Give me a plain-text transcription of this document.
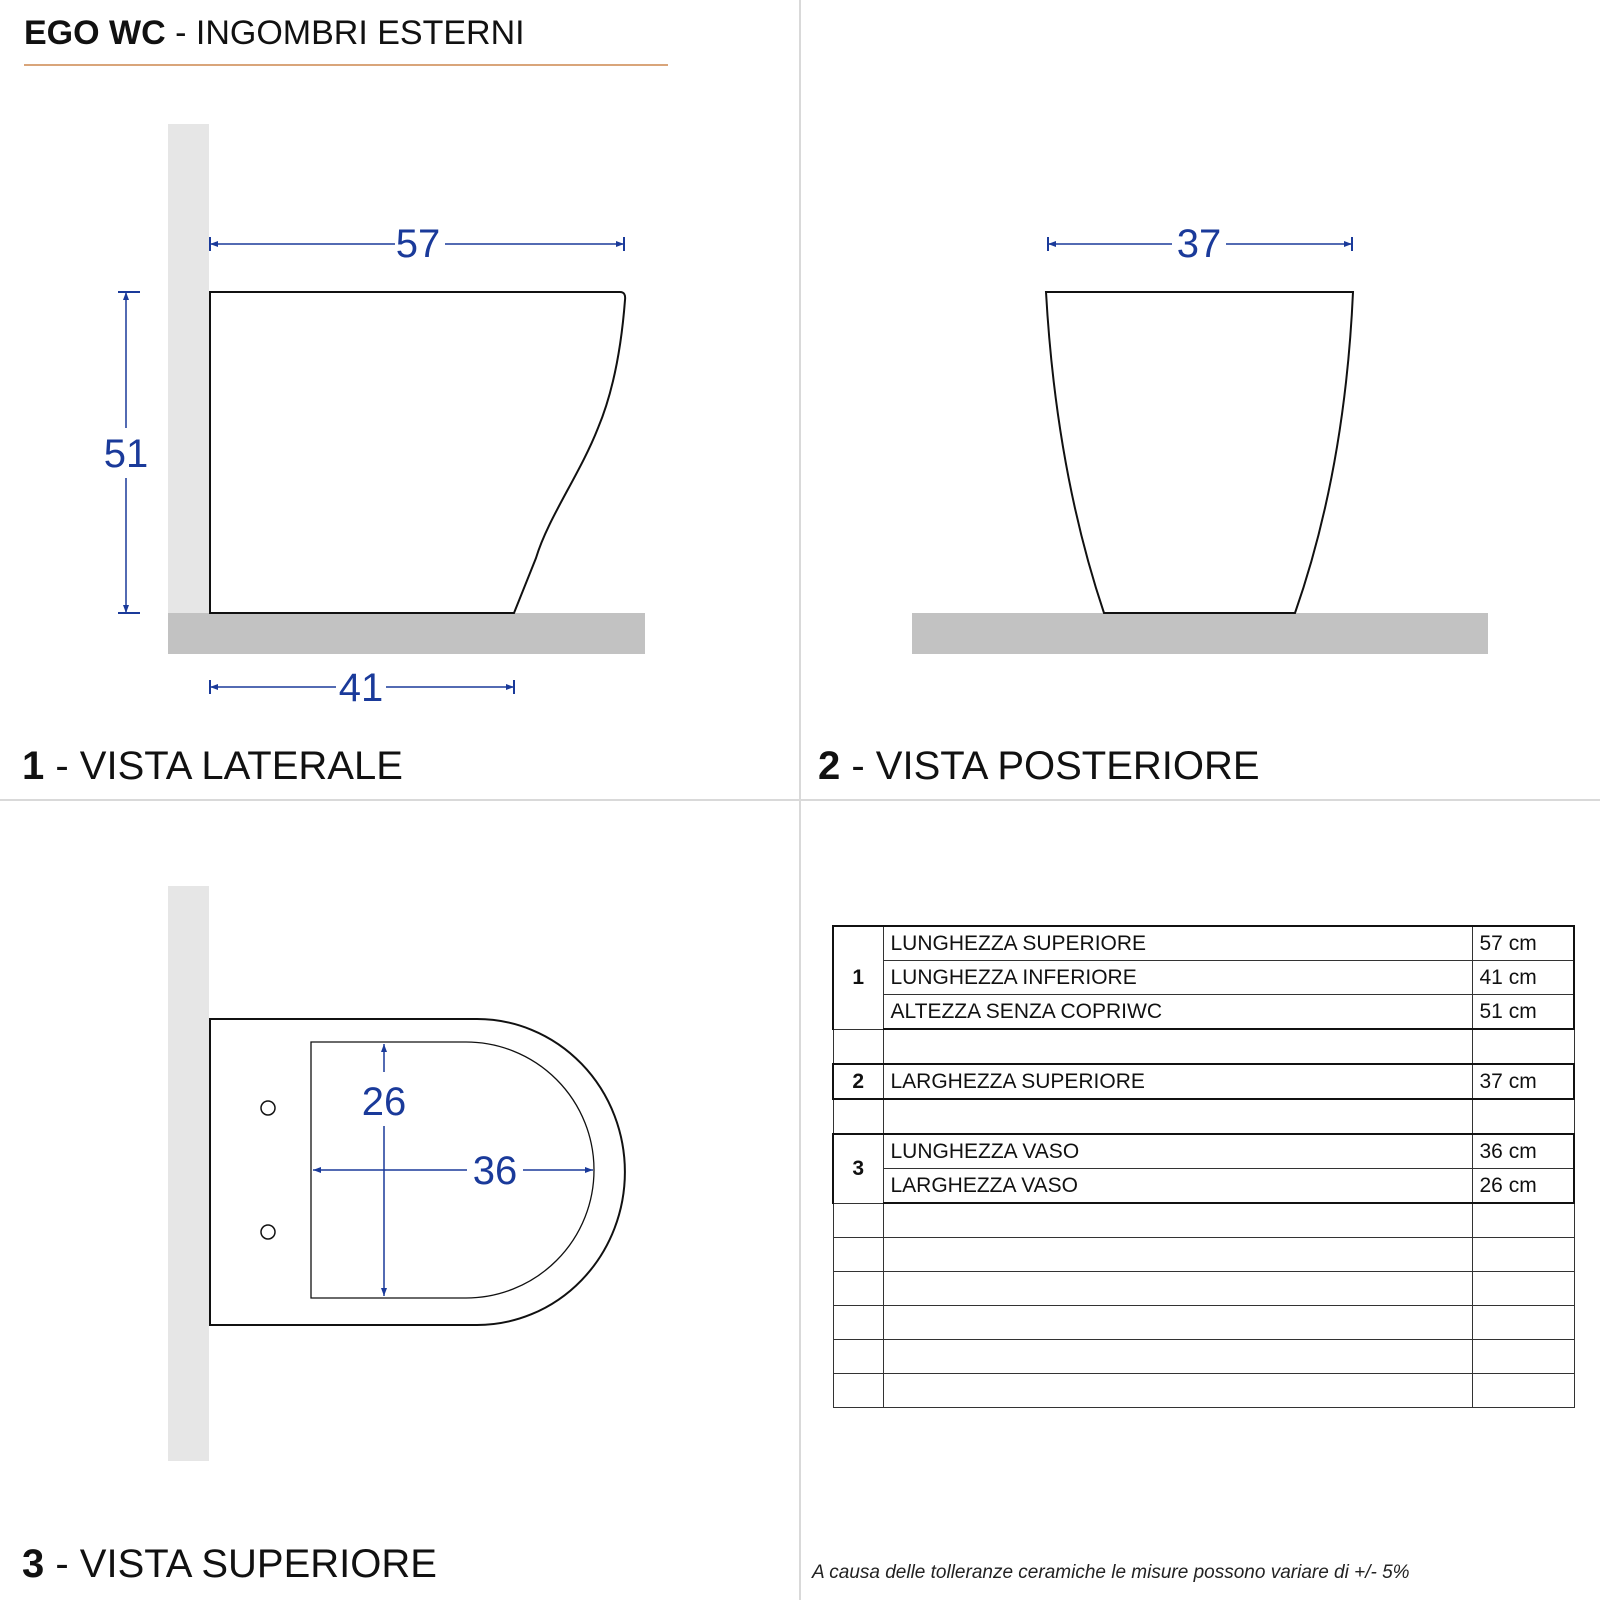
EGO WC - INGOMBRI ESTERNI
57
51
41
37
26
36
1 - VISTA LATERALE	2 - VISTA POSTERIORE
3 - VISTA SUPERIORE
1	LUNGHEZZA SUPERIORE	57 cm
	LUNGHEZZA INFERIORE	41 cm
	ALTEZZA SENZA COPRIWC	51 cm

2	LARGHEZZA SUPERIORE	37 cm

3	LUNGHEZZA VASO	36 cm
	LARGHEZZA VASO	26 cm

A causa delle tolleranze ceramiche le misure possono variare di +/- 5%
